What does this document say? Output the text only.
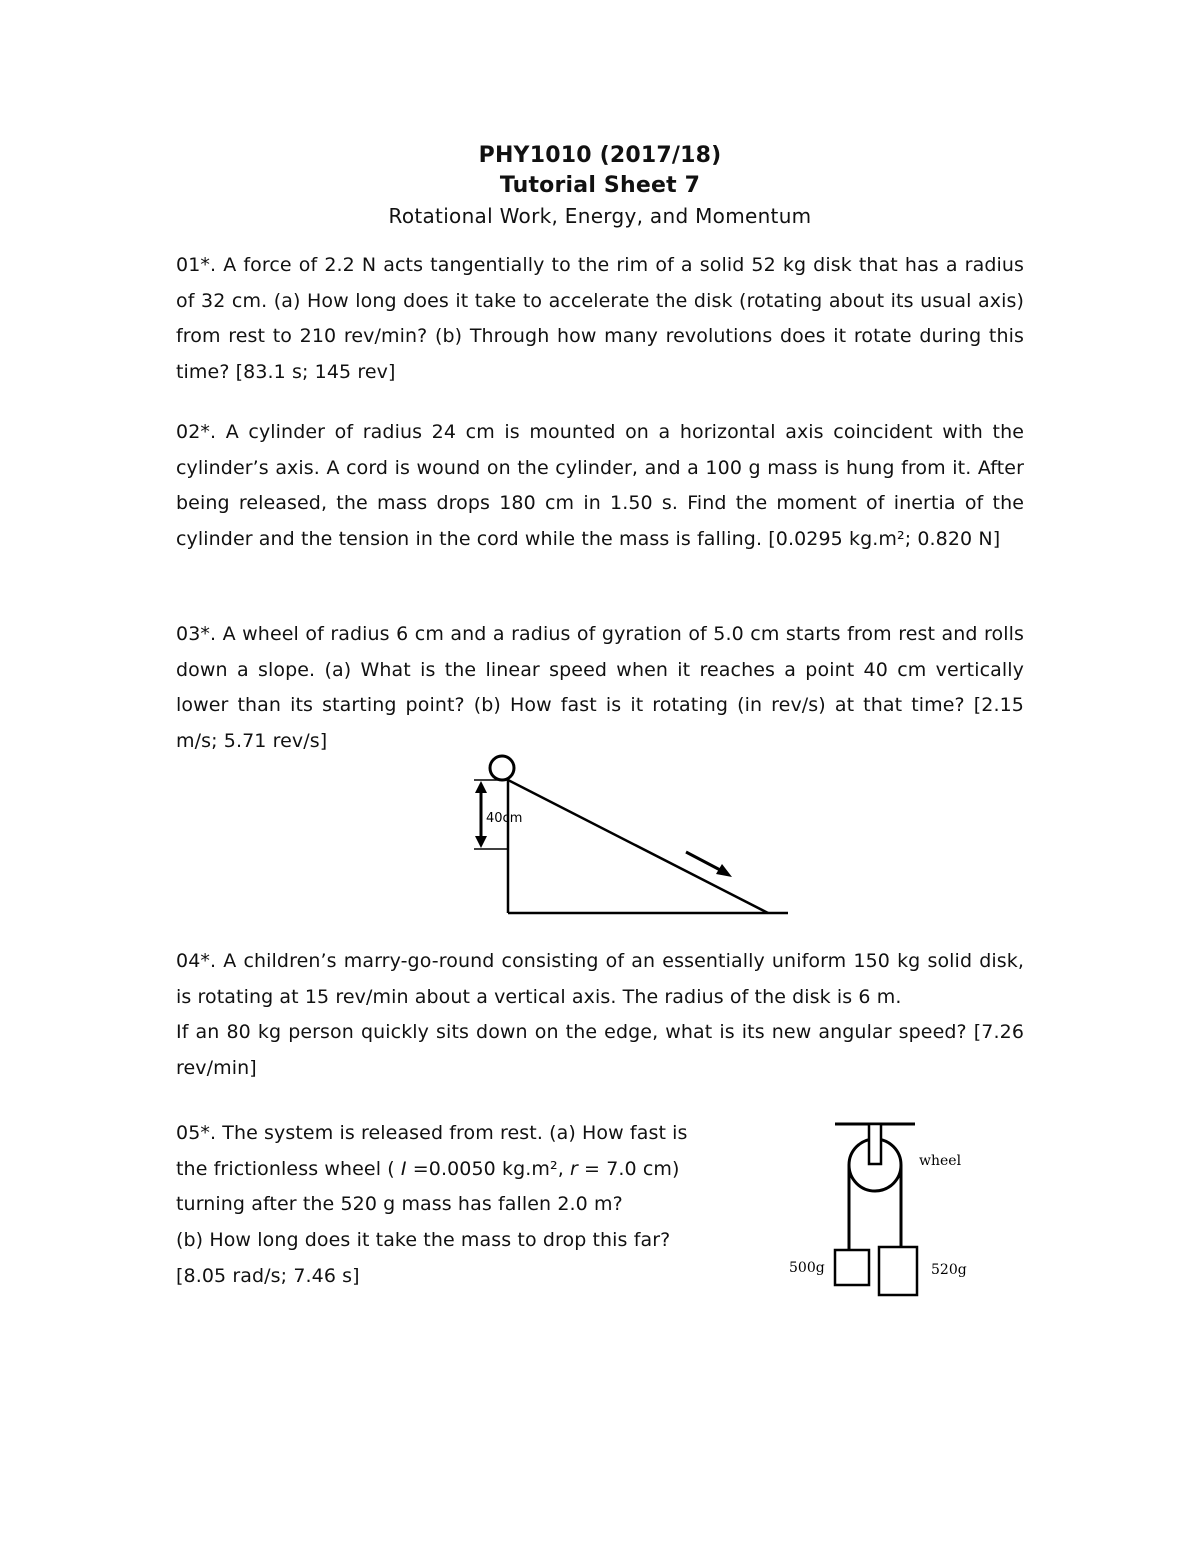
PHY1010 (2017/18)
Tutorial Sheet 7
Rotational Work, Energy, and Momentum

01*. A force of 2.2 N acts tangentially to the rim of a solid 52 kg disk that has a radius of 32 cm. (a) How long does it take to accelerate the disk (rotating about its usual axis) from rest to 210 rev/min? (b) Through how many revolutions does it rotate during this time? [83.1 s; 145 rev]

02*. A cylinder of radius 24 cm is mounted on a horizontal axis coincident with the cylinder’s axis. A cord is wound on the cylinder, and a 100 g mass is hung from it. After being released, the mass drops 180 cm in 1.50 s. Find the moment of inertia of the cylinder and the tension in the cord while the mass is falling. [0.0295 kg.m²; 0.820 N]

03*. A wheel of radius 6 cm and a radius of gyration of 5.0 cm starts from rest and rolls down a slope. (a) What is the linear speed when it reaches a point 40 cm vertically lower than its starting point? (b) How fast is it rotating (in rev/s) at that time? [2.15 m/s; 5.71 rev/s]

40cm

04*. A children’s marry-go-round consisting of an essentially uniform 150 kg solid disk, is rotating at 15 rev/min about a vertical axis. The radius of the disk is 6 m.

If an 80 kg person quickly sits down on the edge, what is its new angular speed? [7.26 rev/min]

05*. The system is released from rest. (a) How fast is
the frictionless wheel ( I =0.0050 kg.m², r = 7.0 cm)
turning after the 520 g mass has fallen 2.0 m?
(b) How long does it take the mass to drop this far?
[8.05 rad/s; 7.46 s]
wheel
500g	520g
